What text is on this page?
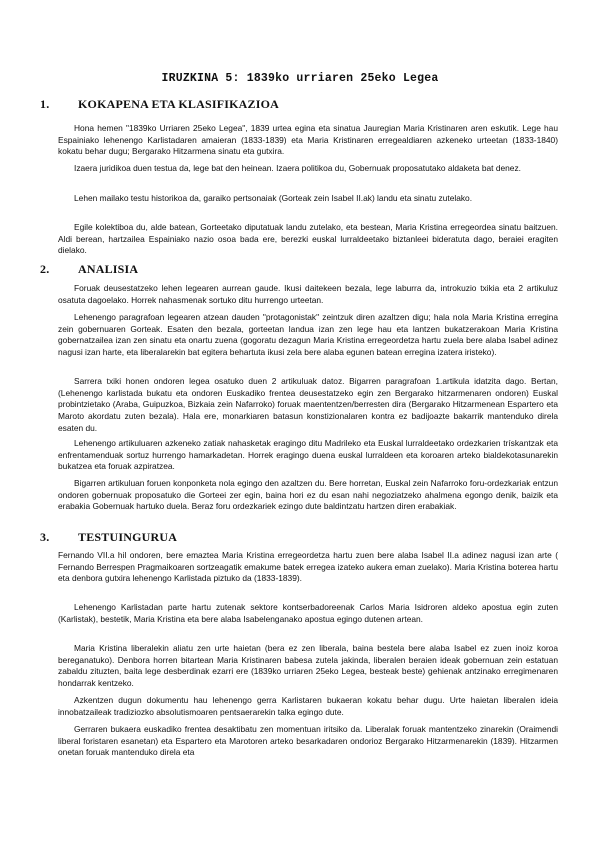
IRUZKINA 5: 1839ko urriaren 25eko Legea
1. KOKAPENA ETA KLASIFIKAZIOA

Hona hemen "1839ko Urriaren 25eko Legea", 1839 urtea egina eta sinatua Jauregian Maria Kristinaren aren eskutik. Lege hau Espainiako lehenengo Karlistadaren amaieran (1833-1839) eta Maria Kristinaren erregealdiaren azkeneko urteetan (1833-1840) kokatu behar dugu; Bergarako Hitzarmena sinatu eta gutxira.

Izaera juridikoa duen testua da, lege bat den heinean. Izaera politikoa du, Gobernuak proposatutako aldaketa bat denez.

Lehen mailako testu historikoa da, garaiko pertsonaiak (Gorteak zein Isabel II.ak) landu eta sinatu zutelako.

Egile kolektiboa du, alde batean, Gorteetako diputatuak landu zutelako, eta bestean, Maria Kristina erregeordea sinatu baitzuen. Aldi berean, hartzailea Espainiako nazio osoa bada ere, berezki euskal lurraldeetako biztanleei bideratuta dago, beraiei eragiten dielako.

2. ANALISIA

Foruak deusestatzeko lehen legearen aurrean gaude. Ikusi daitekeen bezala, lege laburra da, introkuzio txikia eta 2 artikuluz osatuta dagoelako. Horrek nahasmenak sortuko ditu hurrengo urteetan.

Lehenengo paragrafoan legearen atzean dauden "protagonistak" zeintzuk diren azaltzen digu; hala nola Maria Kristina erregina zein gobernuaren Gorteak. Esaten den bezala, gorteetan landua izan zen lege hau eta lantzen bukatzerakoan Maria Kristina gobernatzailea izan zen sinatu eta onartu zuena (gogoratu dezagun Maria Kristina erregeordetza hartu zuela bere alaba Isabel adinez nagusi izan harte, eta liberalarekin bat egitera behartuta ikusi zela bere alaba egunen batean erregina izatera iristeko).

Sarrera txiki honen ondoren legea osatuko duen 2 artikuluak datoz. Bigarren paragrafoan 1.artikula idatzita dago. Bertan, (Lehenengo karlistada bukatu eta ondoren Euskadiko frentea deusestatzeko egin zen Bergarako hitzarmenaren ondoren) Euskal probintzietako (Araba, Guipuzkoa, Bizkaia zein Nafarroko) foruak maententzen/berresten dira (Bergarako Hitzarmenean Espartero eta Maroto akordatu zuten bezala). Hala ere, monarkiaren batasun konstizionalaren kontra ez badijoazte bakarrik mantenduko direla esaten du.

Lehenengo artikuluaren azkeneko zatiak nahasketak eragingo ditu Madrileko eta Euskal lurraldeetako ordezkarien trískantzak eta enfrentamenduak sortuz hurrengo hamarkadetan. Horrek eragingo duena euskal lurraldeen eta koroaren arteko bialdekotasunarekin bukatzea eta foruak azpiratzea.

Bigarren artikuluan foruen konponketa nola egingo den azaltzen du. Bere horretan, Euskal zein Nafarroko foru-ordezkariak entzun ondoren gobernuak proposatuko die Gorteei zer egin, baina hori ez du esan nahi negoziatzeko ahalmena egongo denik, baizik eta erabakia Gobernuak hartuko duela. Beraz foru ordezkariek ezingo dute baldintzatu hartzen diren erabakiak.

3. TESTUINGURUA

Fernando VII.a hil ondoren, bere emaztea Maria Kristina erregeordetza hartu zuen bere alaba Isabel II.a adinez nagusi izan arte ( Fernando Berrespen Pragmaikoaren sortzeagatik emakume batek erregea izateko aukera eman zuelako). Maria Kristina boterea hartu eta denbora gutxira lehenengo Karlistada piztuko da (1833-1839).

Lehenengo Karlistadan parte hartu zutenak sektore kontserbadoreenak Carlos Maria Isidroren aldeko apostua egin zuten (Karlistak), bestetik, Maria Kristina eta bere alaba Isabelenganako apostua egingo dutenen artean.

Maria Kristina liberalekin aliatu zen urte haietan (bera ez zen liberala, baina bestela bere alaba Isabel ez zuen inoiz koroa bereganatuko). Denbora horren bitartean Maria Kristinaren babesa zutela jakinda, liberalen beraien ideak gobernuan zein estatuan zabaldu zituzten, baita lege desberdinak ezarri ere (1839ko urriaren 25eko Legea, besteak beste) gehienak antzinako erregimenaren hondarrak kentzeko.

Azkentzen dugun dokumentu hau lehenengo gerra Karlistaren bukaeran kokatu behar dugu. Urte haietan liberalen ideia innobatzaileak tradiziozko absolutismoaren pentsaerarekin talka egingo dute.

Gerraren bukaera euskadiko frentea desaktibatu zen momentuan iritsiko da. Liberalak foruak mantentzeko zinarekin (Oraimendi liberal foristaren esanetan) eta Espartero eta Marotoren arteko besarkadaren ondorioz Bergarako Hitzarmenarekin (1839). Hitzarmen onetan foruak mantenduko direla eta
